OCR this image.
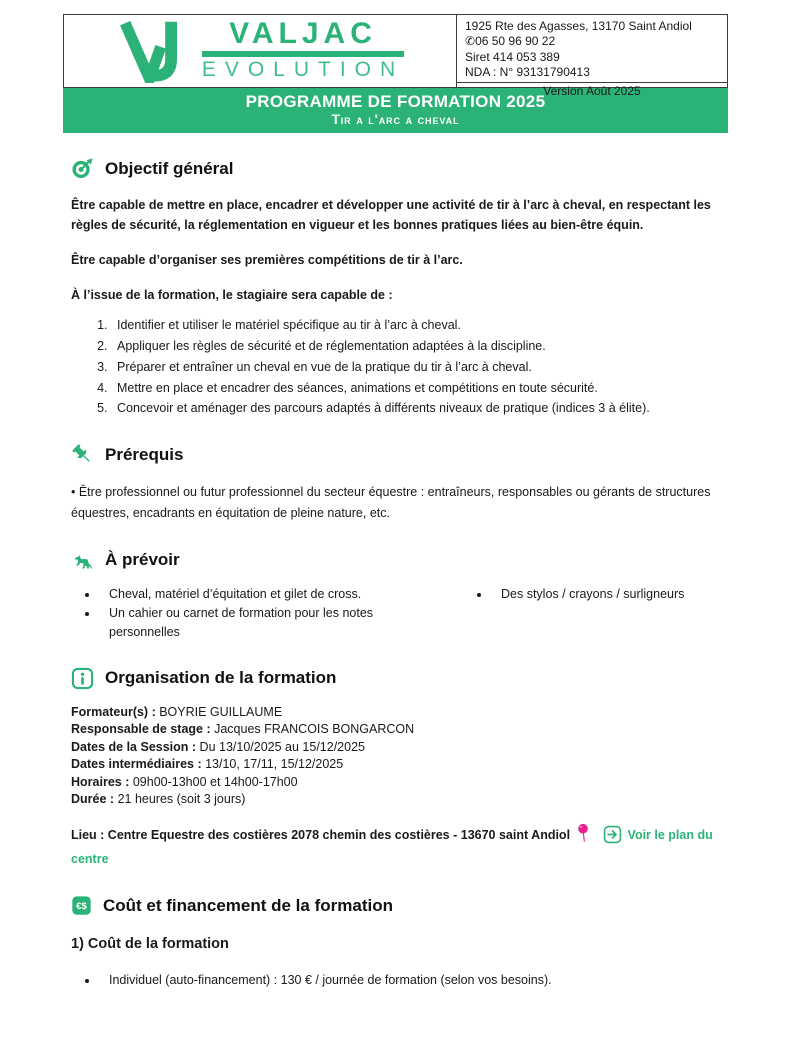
VALJAC
EVOLUTION
1925 Rte des Agasses, 13170 Saint Andiol
✆06 50 96 90 22
Siret 414 053 389
NDA : N° 93131790413
Version Août 2025
PROGRAMME DE FORMATION 2025
Tir a l'arc a cheval
Objectif général

Être capable de mettre en place, encadrer et développer une activité de tir à l’arc à cheval, en respectant les règles de sécurité, la réglementation en vigueur et les bonnes pratiques liées au bien-être équin.

Être capable d’organiser ses premières compétitions de tir à l’arc.

À l’issue de la formation, le stagiaire sera capable de :

1. Identifier et utiliser le matériel spécifique au tir à l’arc à cheval.
2. Appliquer les règles de sécurité et de réglementation adaptées à la discipline.
3. Préparer et entraîner un cheval en vue de la pratique du tir à l’arc à cheval.
4. Mettre en place et encadrer des séances, animations et compétitions en toute sécurité.
5. Concevoir et aménager des parcours adaptés à différents niveaux de pratique (indices 3 à élite).
Prérequis

• Être professionnel ou futur professionnel du secteur équestre : entraîneurs, responsables ou gérants de structures équestres, encadrants en équitation de pleine nature, etc.

À prévoir
• Cheval, matériel d’équitation et gilet de cross.
• Un cahier ou carnet de formation pour les notes personnelles
• Des stylos / crayons / surligneurs
Organisation de la formation

Formateur(s) : BOYRIE GUILLAUME

Responsable de stage : Jacques FRANCOIS BONGARCON

Dates de la Session : Du 13/10/2025 au 15/12/2025

Dates intermédiaires : 13/10, 17/11, 15/12/2025

Horaires : 09h00-13h00 et 14h00-17h00

Durée : 21 heures (soit 3 jours)

Lieu : Centre Equestre des costières 2078 chemin des costières - 13670 saint Andiol
	Voir le plan du centre

€$ Coût et financement de la formation

1) Coût de la formation

• Individuel (auto-financement) : 130 € / journée de formation (selon vos besoins).
